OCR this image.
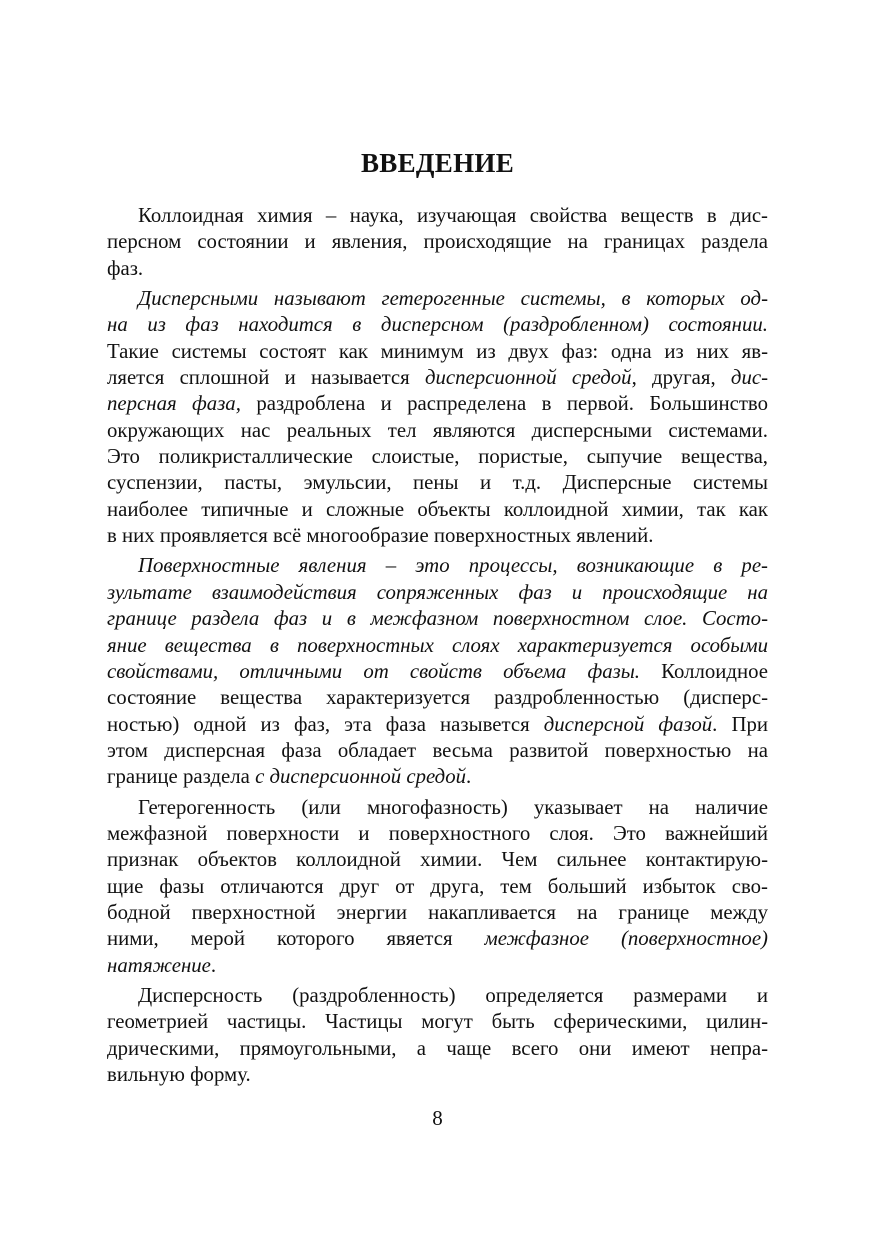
ВВЕДЕНИЕ
Коллоидная химия – наука, изучающая свойства веществ в дис-
персном состоянии и явления, происходящие на границах раздела
фаз.
Дисперсными называют гетерогенные системы, в которых од-
на из фаз находится в дисперсном (раздробленном) состоянии.
Такие системы состоят как минимум из двух фаз: одна из них яв-
ляется сплошной и называется дисперсионной средой, другая, дис-
персная фаза, раздроблена и распределена в первой. Большинство
окружающих нас реальных тел являются дисперсными системами.
Это поликристаллические слоистые, пористые, сыпучие вещества,
суспензии, пасты, эмульсии, пены и т.д. Дисперсные системы
наиболее типичные и сложные объекты коллоидной химии, так как
в них проявляется всё многообразие поверхностных явлений.
Поверхностные явления – это процессы, возникающие в ре-
зультате взаимодействия сопряженных фаз и происходящие на
границе раздела фаз и в межфазном поверхностном слое. Состо-
яние вещества в поверхностных слоях характеризуется особыми
свойствами, отличными от свойств объема фазы. Коллоидное
состояние вещества характеризуется раздробленностью (дисперс-
ностью) одной из фаз, эта фаза назывется дисперсной фазой. При
этом дисперсная фаза обладает весьма развитой поверхностью на
границе раздела с дисперсионной средой.
Гетерогенность (или многофазность) указывает на наличие
межфазной поверхности и поверхностного слоя. Это важнейший
признак объектов коллоидной химии. Чем сильнее контактирую-
щие фазы отличаются друг от друга, тем больший избыток сво-
бодной пверхностной энергии накапливается на границе между
ними, мерой которого явяется межфазное (поверхностное)
натяжение.
Дисперсность (раздробленность) определяется размерами и
геометрией частицы. Частицы могут быть сферическими, цилин-
дрическими, прямоугольными, а чаще всего они имеют непра-
вильную форму.
8
